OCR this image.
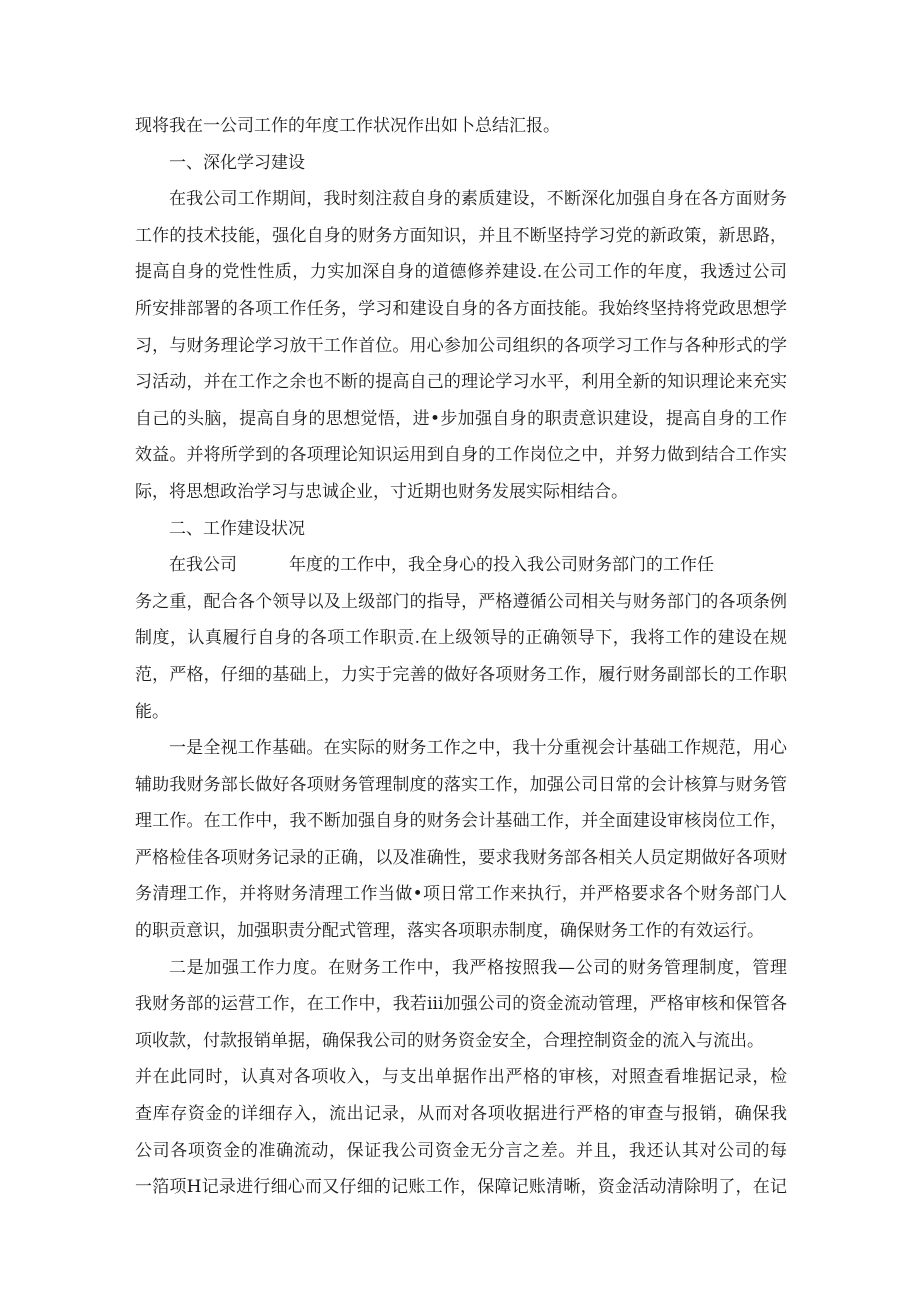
现将我在一公司工作的年度工作状况作出如卜总结汇报。
一、深化学习建设
在我公司工作期间，我时刻注菽自身的素质建设，不断深化加强自身在各方面财务
工作的技术技能，强化自身的财务方面知识，并且不断坚持学习党的新政策，新思路，
提高自身的党性性质，力实加深自身的道德修养建设.在公司工作的年度，我透过公司
所安排部署的各项工作任务，学习和建设自身的各方面技能。我始终坚持将党政思想学
习，与财务理论学习放干工作首位。用心参加公司组织的各项学习工作与各种形式的学
习活动，并在工作之余也不断的提高自己的理论学习水平，利用全新的知识理论来充实
自己的头脑，提高自身的思想觉悟，进•步加强自身的职责意识建设，提高自身的工作
效益。并将所学到的各项理论知识运用到自身的工作岗位之中，并努力做到结合工作实
际，将思想政治学习与忠诚企业，寸近期也财务发展实际相结合。
二、工作建设状况
在我公司	年度的工作中，我全身心的投入我公司财务部门的工作任
务之重，配合各个领导以及上级部门的指导，严格遵循公司相关与财务部门的各项条例
制度，认真履行自身的各项工作职贡.在上级领导的正确领导下，我将工作的建设在规
范，严格，仔细的基础上，力实于完善的做好各项财务工作，履行财务副部长的工作职
能。
一是全视工作基础。在实际的财务工作之中，我十分重视会计基础工作规范，用心
辅助我财务部长做好各项财务管理制度的落实工作，加强公司日常的会计核算与财务管
理工作。在工作中，我不断加强自身的财务会计基础工作，并全面建设审核岗位工作，
严格检佳各项财务记录的正确，以及准确性，要求我财务部各相关人员定期做好各项财
务清理工作，并将财务清理工作当做•项日常工作来执行，并严格要求各个财务部门人
的职贡意识，加强职责分配式管理，落实各项职赤制度，确保财务工作的有效运行。
二是加强工作力度。在财务工作中，我严格按照我—公司的财务管理制度，管理
我财务部的运营工作，在工作中，我若iii加强公司的资金流动管理，严格审核和保管各
项收款，付款报销单据，确保我公司的财务资金安全，合理控制资金的流入与流出。
并在此同时，认真对各项收入，与支出单据作出严格的审核，对照查看堆据记录，检
查库存资金的详细存入，流出记录，从而对各项收据进行严格的审查与报销，确保我
公司各项资金的准确流动，保证我公司资金无分言之差。并且，我还认其对公司的每
一箔项H记录进行细心而又仔细的记账工作，保障记账清晰，资金活动清除明了，在记
